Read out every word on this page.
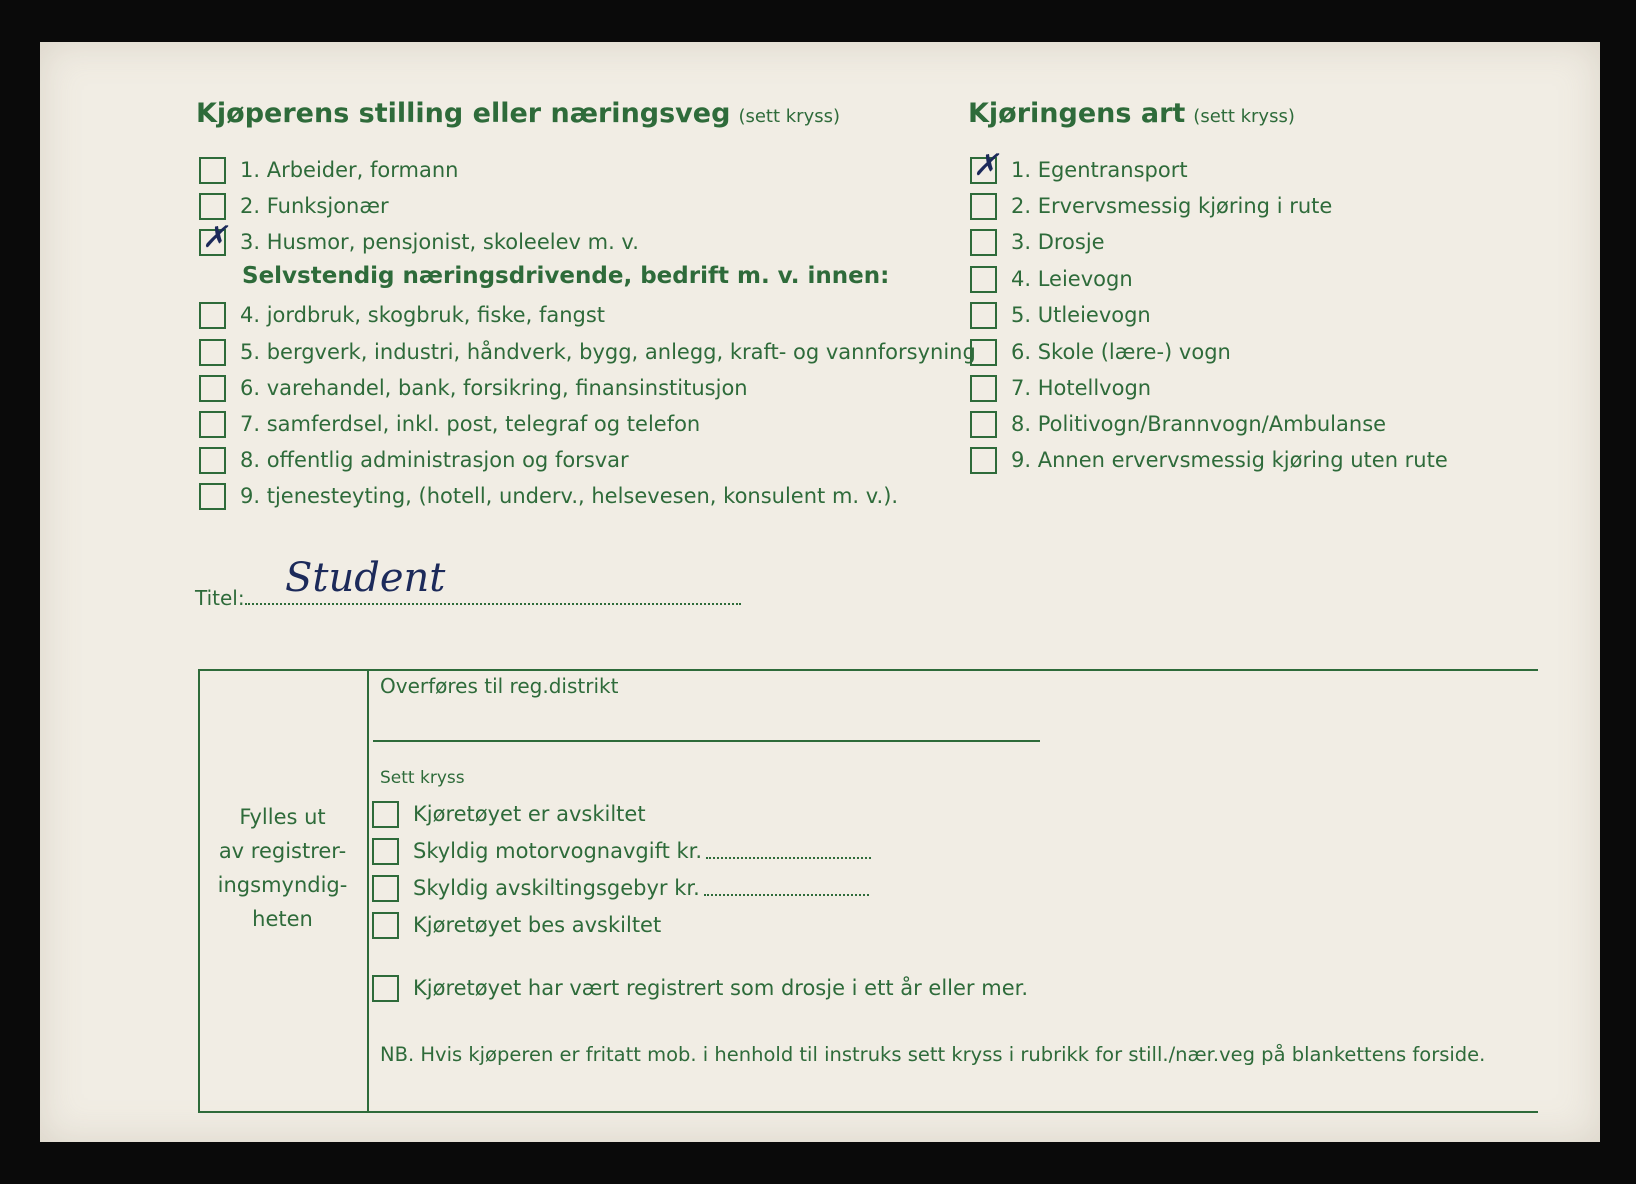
Kjøperens stilling eller næringsveg (sett kryss)
1. Arbeider, formann
2. Funksjonær
✗ 3. Husmor, pensjonist, skoleelev m. v.
Selvstendig næringsdrivende, bedrift m. v. innen:
4. jordbruk, skogbruk, fiske, fangst
5. bergverk, industri, håndverk, bygg, anlegg, kraft- og vannforsyning
6. varehandel, bank, forsikring, finansinstitusjon
7. samferdsel, inkl. post, telegraf og telefon
8. offentlig administrasjon og forsvar
9. tjenesteyting, (hotell, underv., helsevesen, konsulent m. v.).
Kjøringens art (sett kryss)
✗ 1. Egentransport
2. Ervervsmessig kjøring i rute
3. Drosje
4. Leievogn
5. Utleievogn
6. Skole (lære-) vogn
7. Hotellvogn
8. Politivogn/Brannvogn/Ambulanse
9. Annen ervervsmessig kjøring uten rute
Titel:	Student
Fylles ut
av registrer-
ingsmyndig-
heten
Overføres til reg.distrikt
Sett kryss
Kjøretøyet er avskiltet
Skyldig motorvognavgift kr.
Skyldig avskiltingsgebyr kr.
Kjøretøyet bes avskiltet
Kjøretøyet har vært registrert som drosje i ett år eller mer.
NB. Hvis kjøperen er fritatt mob. i henhold til instruks sett kryss i rubrikk for still./nær.veg på blankettens forside.
